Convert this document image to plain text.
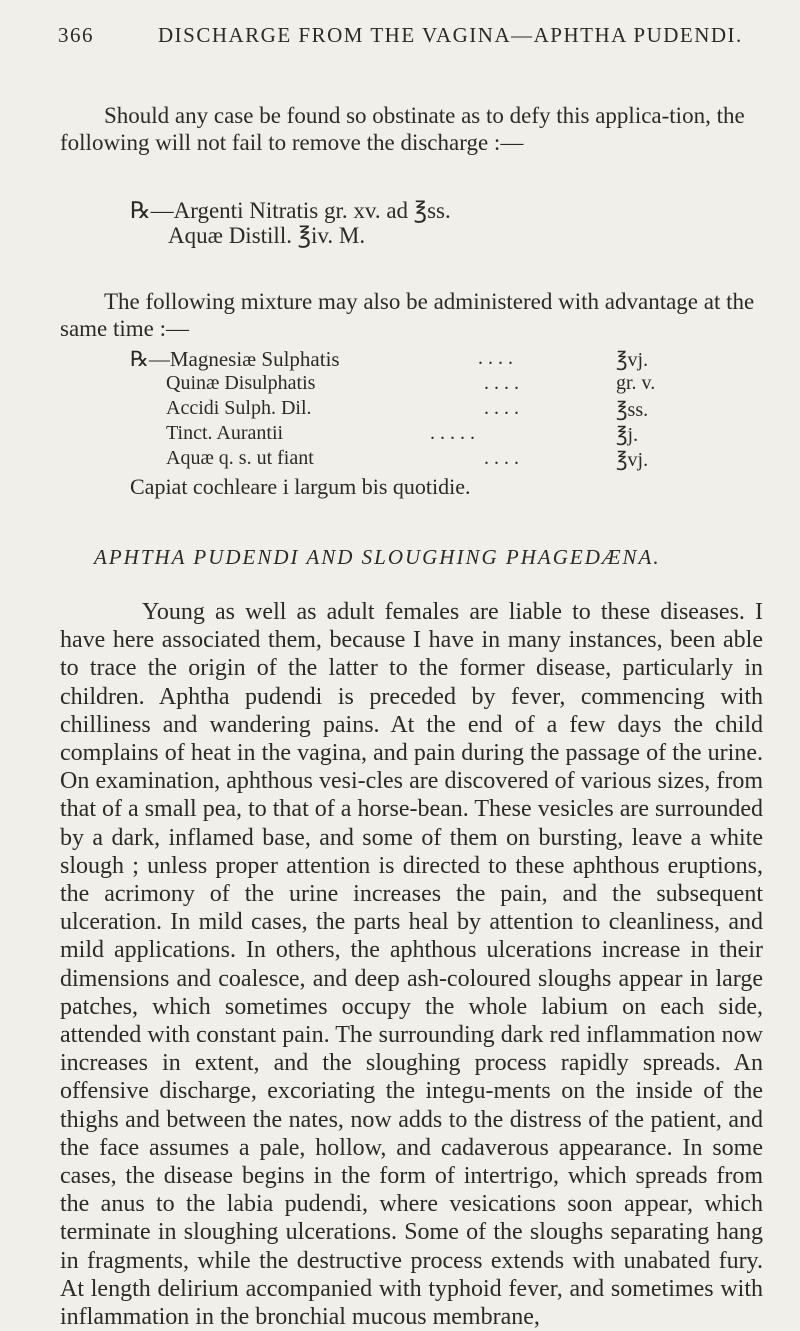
366	DISCHARGE FROM THE VAGINA—APHTHA PUDENDI.
Should any case be found so obstinate as to defy this applica-tion, the following will not fail to remove the discharge :—
℞—Argenti Nitratis gr. xv. ad ℥ss.
Aquæ Distill. ℥iv. M.
The following mixture may also be administered with advantage at the same time :—
℞—Magnesiæ Sulphatis	. . . .	℥vj.
Quinæ Disulphatis	. . . .	gr. v.
Accidi Sulph. Dil.	. . . .	℥ss.
Tinct. Aurantii	. . . . .	℥j.
Aquæ q. s. ut fiant	. . . .	℥vj.
Capiat cochleare i largum bis quotidie.
APHTHA PUDENDI AND SLOUGHING PHAGEDÆNA.
Young as well as adult females are liable to these diseases. I have here associated them, because I have in many instances, been able to trace the origin of the latter to the former disease, particularly in children. Aphtha pudendi is preceded by fever, commencing with chilliness and wandering pains. At the end of a few days the child complains of heat in the vagina, and pain during the passage of the urine. On examination, aphthous vesi-cles are discovered of various sizes, from that of a small pea, to that of a horse-bean. These vesicles are surrounded by a dark, inflamed base, and some of them on bursting, leave a white slough ; unless proper attention is directed to these aphthous eruptions, the acrimony of the urine increases the pain, and the subsequent ulceration. In mild cases, the parts heal by attention to cleanliness, and mild applications. In others, the aphthous ulcerations increase in their dimensions and coalesce, and deep ash-coloured sloughs appear in large patches, which sometimes occupy the whole labium on each side, attended with constant pain. The surrounding dark red inflammation now increases in extent, and the sloughing process rapidly spreads. An offensive discharge, excoriating the integu-ments on the inside of the thighs and between the nates, now adds to the distress of the patient, and the face assumes a pale, hollow, and cadaverous appearance. In some cases, the disease begins in the form of intertrigo, which spreads from the anus to the labia pudendi, where vesications soon appear, which terminate in sloughing ulcerations. Some of the sloughs separating hang in fragments, while the destructive process extends with unabated fury. At length delirium accompanied with typhoid fever, and sometimes with inflammation in the bronchial mucous membrane,
